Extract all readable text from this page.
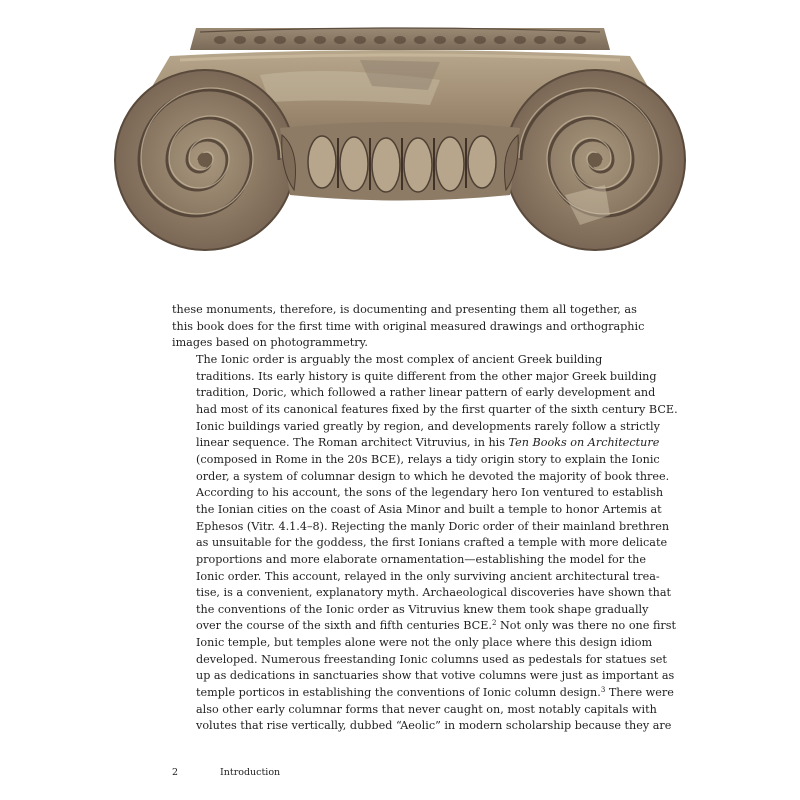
these monuments, therefore, is documenting and presenting them all together, as
this book does for the first time with original measured drawings and orthographic
images based on photogrammetry.

The Ionic order is arguably the most complex of ancient Greek building
traditions. Its early history is quite different from the other major Greek building
tradition, Doric, which followed a rather linear pattern of early development and
had most of its canonical features fixed by the first quarter of the sixth century BCE.
Ionic buildings varied greatly by region, and developments rarely follow a strictly
linear sequence. The Roman architect Vitruvius, in his Ten Books on Architecture
(composed in Rome in the 20s BCE), relays a tidy origin story to explain the Ionic
order, a system of columnar design to which he devoted the majority of book three.
According to his account, the sons of the legendary hero Ion ventured to establish
the Ionian cities on the coast of Asia Minor and built a temple to honor Artemis at
Ephesos (Vitr. 4.1.4–8). Rejecting the manly Doric order of their mainland brethren
as unsuitable for the goddess, the first Ionians crafted a temple with more delicate
proportions and more elaborate ornamentation—establishing the model for the
Ionic order. This account, relayed in the only surviving ancient architectural trea-
tise, is a convenient, explanatory myth. Archaeological discoveries have shown that
the conventions of the Ionic order as Vitruvius knew them took shape gradually
over the course of the sixth and fifth centuries BCE.$^2$ Not only was there no one first
Ionic temple, but temples alone were not the only place where this design idiom
developed. Numerous freestanding Ionic columns used as pedestals for statues set
up as dedications in sanctuaries show that votive columns were just as important as
temple porticos in establishing the conventions of Ionic column design.$^3$ There were
also other early columnar forms that never caught on, most notably capitals with
volutes that rise vertically, dubbed “Aeolic” in modern scholarship because they are

2	Introduction
